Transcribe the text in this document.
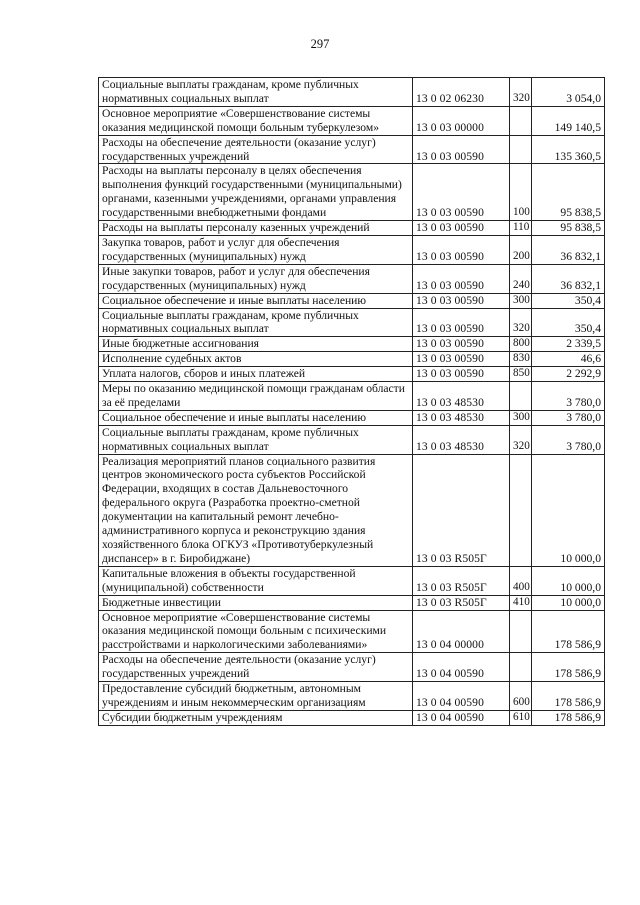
297
Социальные выплаты гражданам, кроме публичных нормативных социальных выплат	13 0 02 06230	320	3 054,0
Основное мероприятие «Совершенствование системы оказания медицинской помощи больным туберкулезом»	13 0 03 00000		149 140,5
Расходы на обеспечение деятельности (оказание услуг) государственных учреждений	13 0 03 00590		135 360,5
Расходы на выплаты персоналу в целях обеспечения выполнения функций государственными (муниципальными) органами, казенными учреждениями, органами управления государственными внебюджетными фондами	13 0 03 00590	100	95 838,5
Расходы на выплаты персоналу казенных учреждений	13 0 03 00590	110	95 838,5
Закупка товаров, работ и услуг для обеспечения государственных (муниципальных) нужд	13 0 03 00590	200	36 832,1
Иные закупки товаров, работ и услуг для обеспечения государственных (муниципальных) нужд	13 0 03 00590	240	36 832,1
Социальное обеспечение и иные выплаты населению	13 0 03 00590	300	350,4
Социальные выплаты гражданам, кроме публичных нормативных социальных выплат	13 0 03 00590	320	350,4
Иные бюджетные ассигнования	13 0 03 00590	800	2 339,5
Исполнение судебных актов	13 0 03 00590	830	46,6
Уплата налогов, сборов и иных платежей	13 0 03 00590	850	2 292,9
Меры по оказанию медицинской помощи гражданам области за её пределами	13 0 03 48530		3 780,0
Социальное обеспечение и иные выплаты населению	13 0 03 48530	300	3 780,0
Социальные выплаты гражданам, кроме публичных нормативных социальных выплат	13 0 03 48530	320	3 780,0
Реализация мероприятий планов социального развития центров экономического роста субъектов Российской Федерации, входящих в состав Дальневосточного федерального округа (Разработка проектно-сметной документации на капитальный ремонт лечебно-административного корпуса и реконструкцию здания хозяйственного блока ОГКУЗ «Противотуберкулезный диспансер» в г. Биробиджане)	13 0 03 R505Г		10 000,0
Капитальные вложения в объекты государственной (муниципальной) собственности	13 0 03 R505Г	400	10 000,0
Бюджетные инвестиции	13 0 03 R505Г	410	10 000,0
Основное мероприятие «Совершенствование системы оказания медицинской помощи больным с психическими расстройствами и наркологическими заболеваниями»	13 0 04 00000		178 586,9
Расходы на обеспечение деятельности (оказание услуг) государственных учреждений	13 0 04 00590		178 586,9
Предоставление субсидий бюджетным, автономным учреждениям и иным некоммерческим организациям	13 0 04 00590	600	178 586,9
Субсидии бюджетным учреждениям	13 0 04 00590	610	178 586,9
